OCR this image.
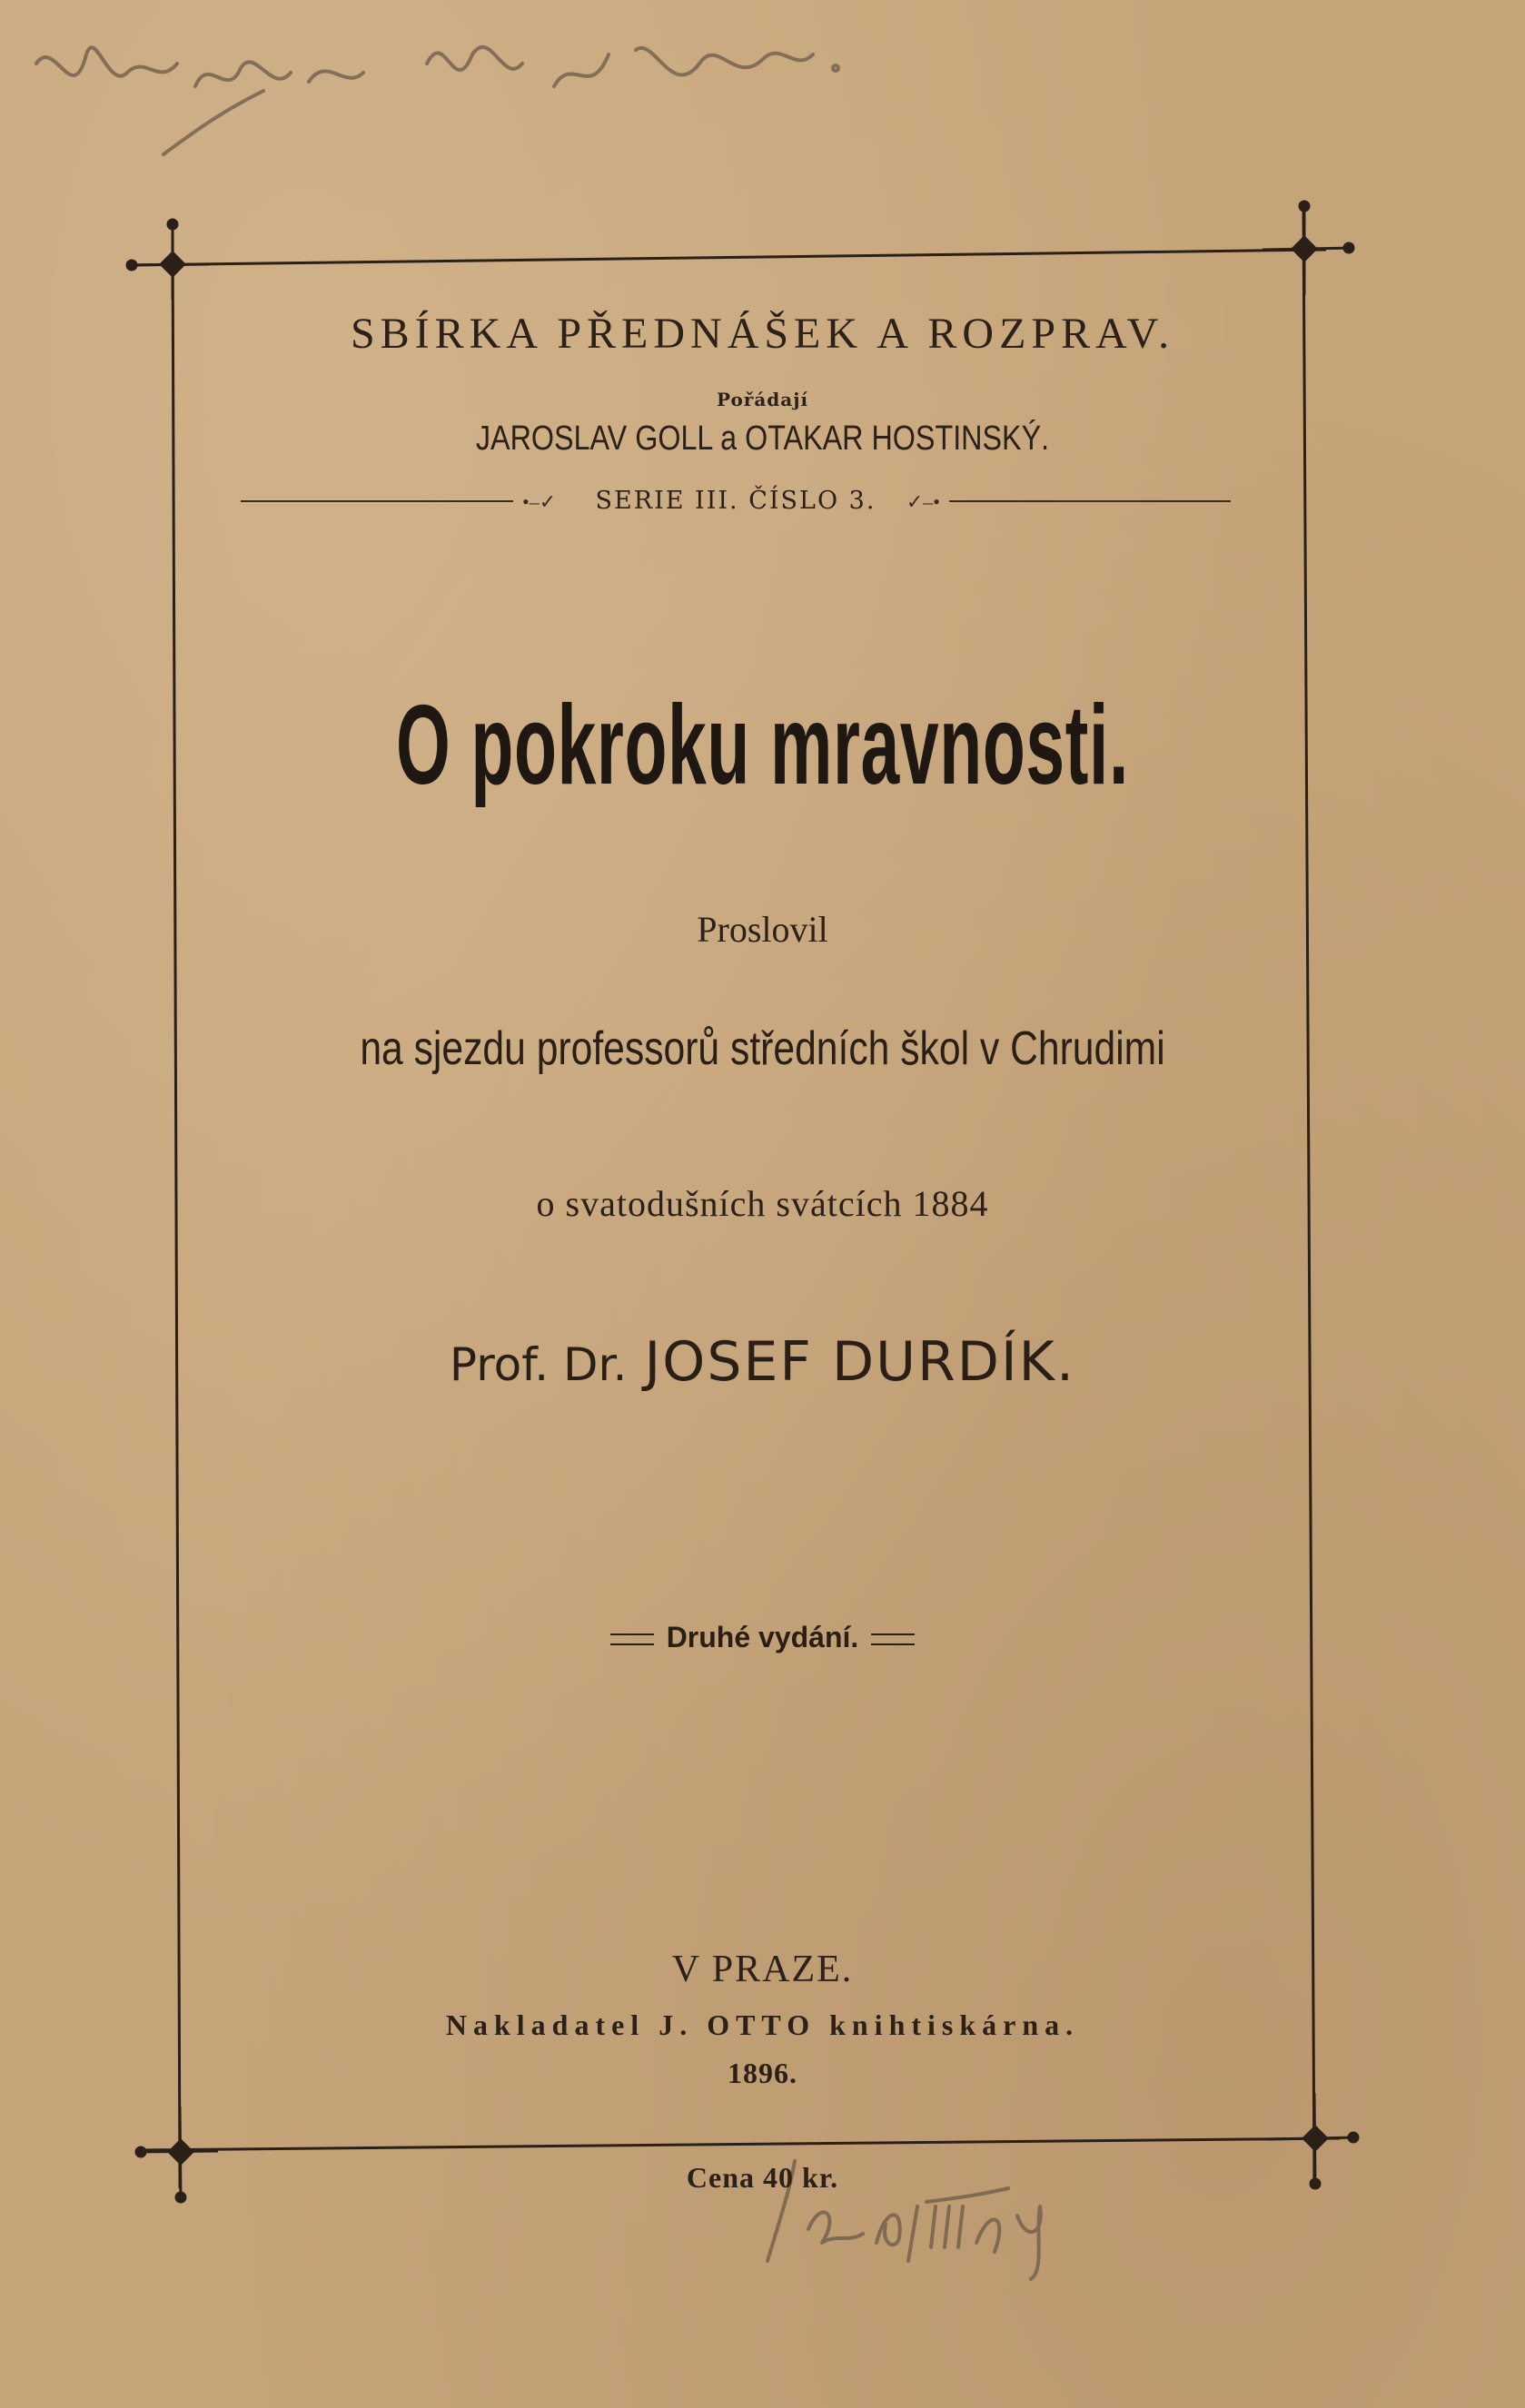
SBÍRKA PŘEDNÁŠEK A ROZPRAV.
Pořádají
JAROSLAV GOLL a OTAKAR HOSTINSKÝ.
•–✓	SERIE III. ČÍSLO 3.	✓–•
O pokroku mravnosti.
Proslovil
na sjezdu professorů středních škol v Chrudimi
o svatodušních svátcích 1884
Prof. Dr. JOSEF DURDÍK.
Druhé vydání.
V PRAZE.
Nakladatel J. OTTO knihtiskárna.
1896.
Cena 40 kr.
